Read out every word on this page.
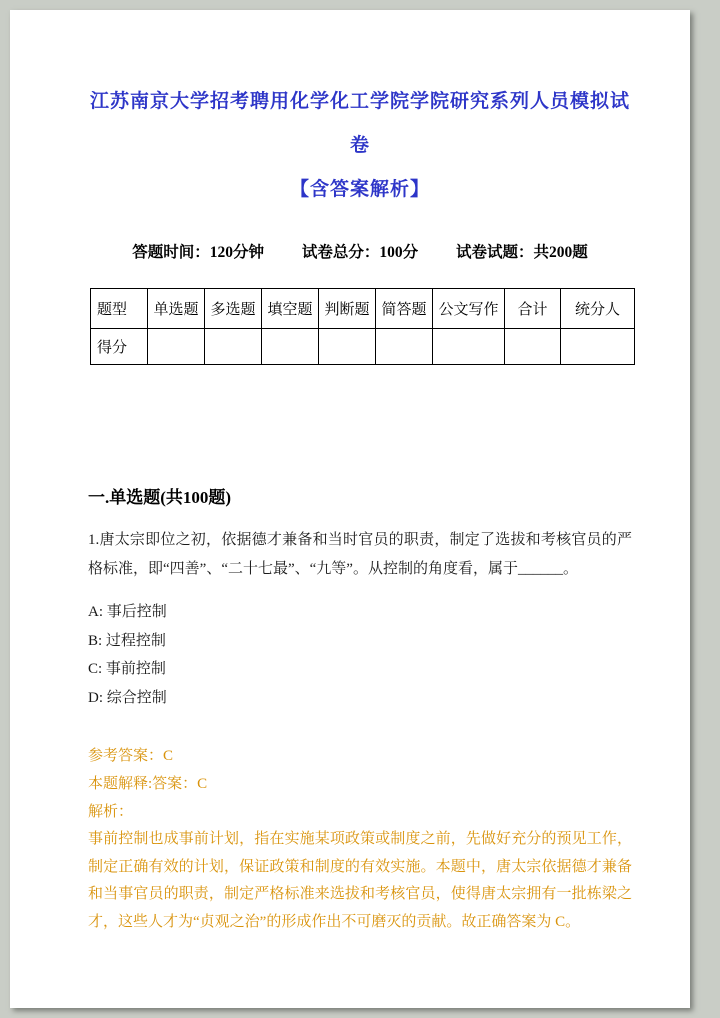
江苏南京大学招考聘用化学化工学院学院研究系列人员模拟试卷
【含答案解析】
答题时间：120分钟 试卷总分：100分 试卷试题：共200题
题型	单选题	多选题	填空题	判断题	简答题	公文写作	合计	统分人
得分								
一.单选题(共100题)

1.唐太宗即位之初，依据德才兼备和当时官员的职责，制定了选拔和考核官员的严格标准，即“四善”、“二十七最”、“九等”。从控制的角度看，属于______。

A: 事后控制

B: 过程控制

C: 事前控制

D: 综合控制

参考答案：C

本题解释:答案：C

解析：

事前控制也成事前计划，指在实施某项政策或制度之前，先做好充分的预见工作，制定正确有效的计划，保证政策和制度的有效实施。本题中，唐太宗依据德才兼备和当事官员的职责，制定严格标准来选拔和考核官员，使得唐太宗拥有一批栋梁之才，这些人才为“贞观之治”的形成作出不可磨灭的贡献。故正确答案为 C。
